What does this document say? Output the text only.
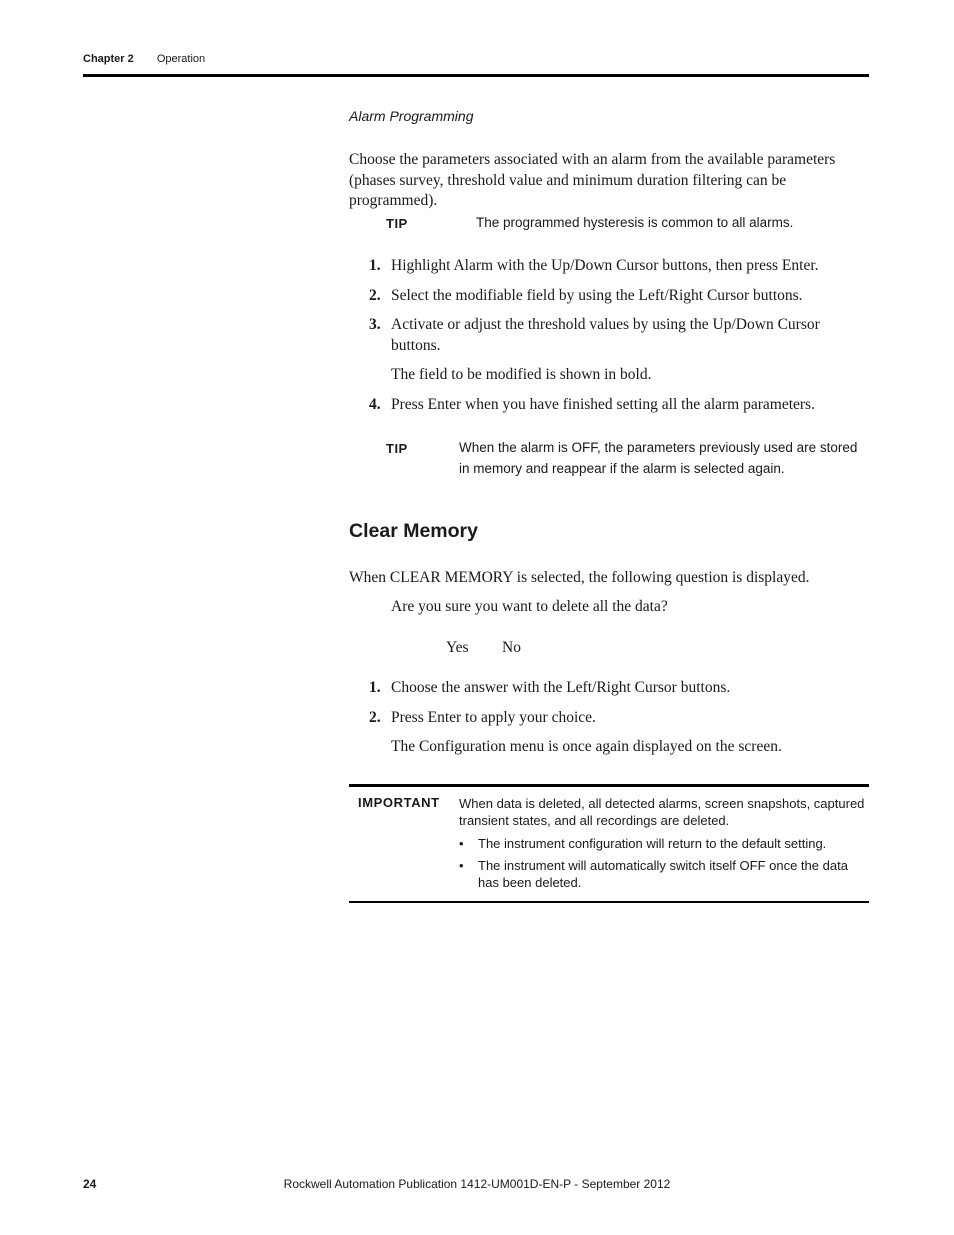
Chapter 2 Operation
Alarm Programming
Choose the parameters associated with an alarm from the available parameters (phases survey, threshold value and minimum duration filtering can be programmed).
TIP	The programmed hysteresis is common to all alarms.
1. Highlight Alarm with the Up/Down Cursor buttons, then press Enter.
2. Select the modifiable field by using the Left/Right Cursor buttons.
3. Activate or adjust the threshold values by using the Up/Down Cursor buttons.
The field to be modified is shown in bold.
4. Press Enter when you have finished setting all the alarm parameters.
TIP	When the alarm is OFF, the parameters previously used are stored in memory and reappear if the alarm is selected again.
Clear Memory
When CLEAR MEMORY is selected, the following question is displayed.
Are you sure you want to delete all the data?
Yes No
1. Choose the answer with the Left/Right Cursor buttons.
2. Press Enter to apply your choice.
The Configuration menu is once again displayed on the screen.
IMPORTANT When data is deleted, all detected alarms, screen snapshots, captured transient states, and all recordings are deleted.
• The instrument configuration will return to the default setting.
• The instrument will automatically switch itself OFF once the data has been deleted.
24	Rockwell Automation Publication 1412-UM001D-EN-P - September 2012
